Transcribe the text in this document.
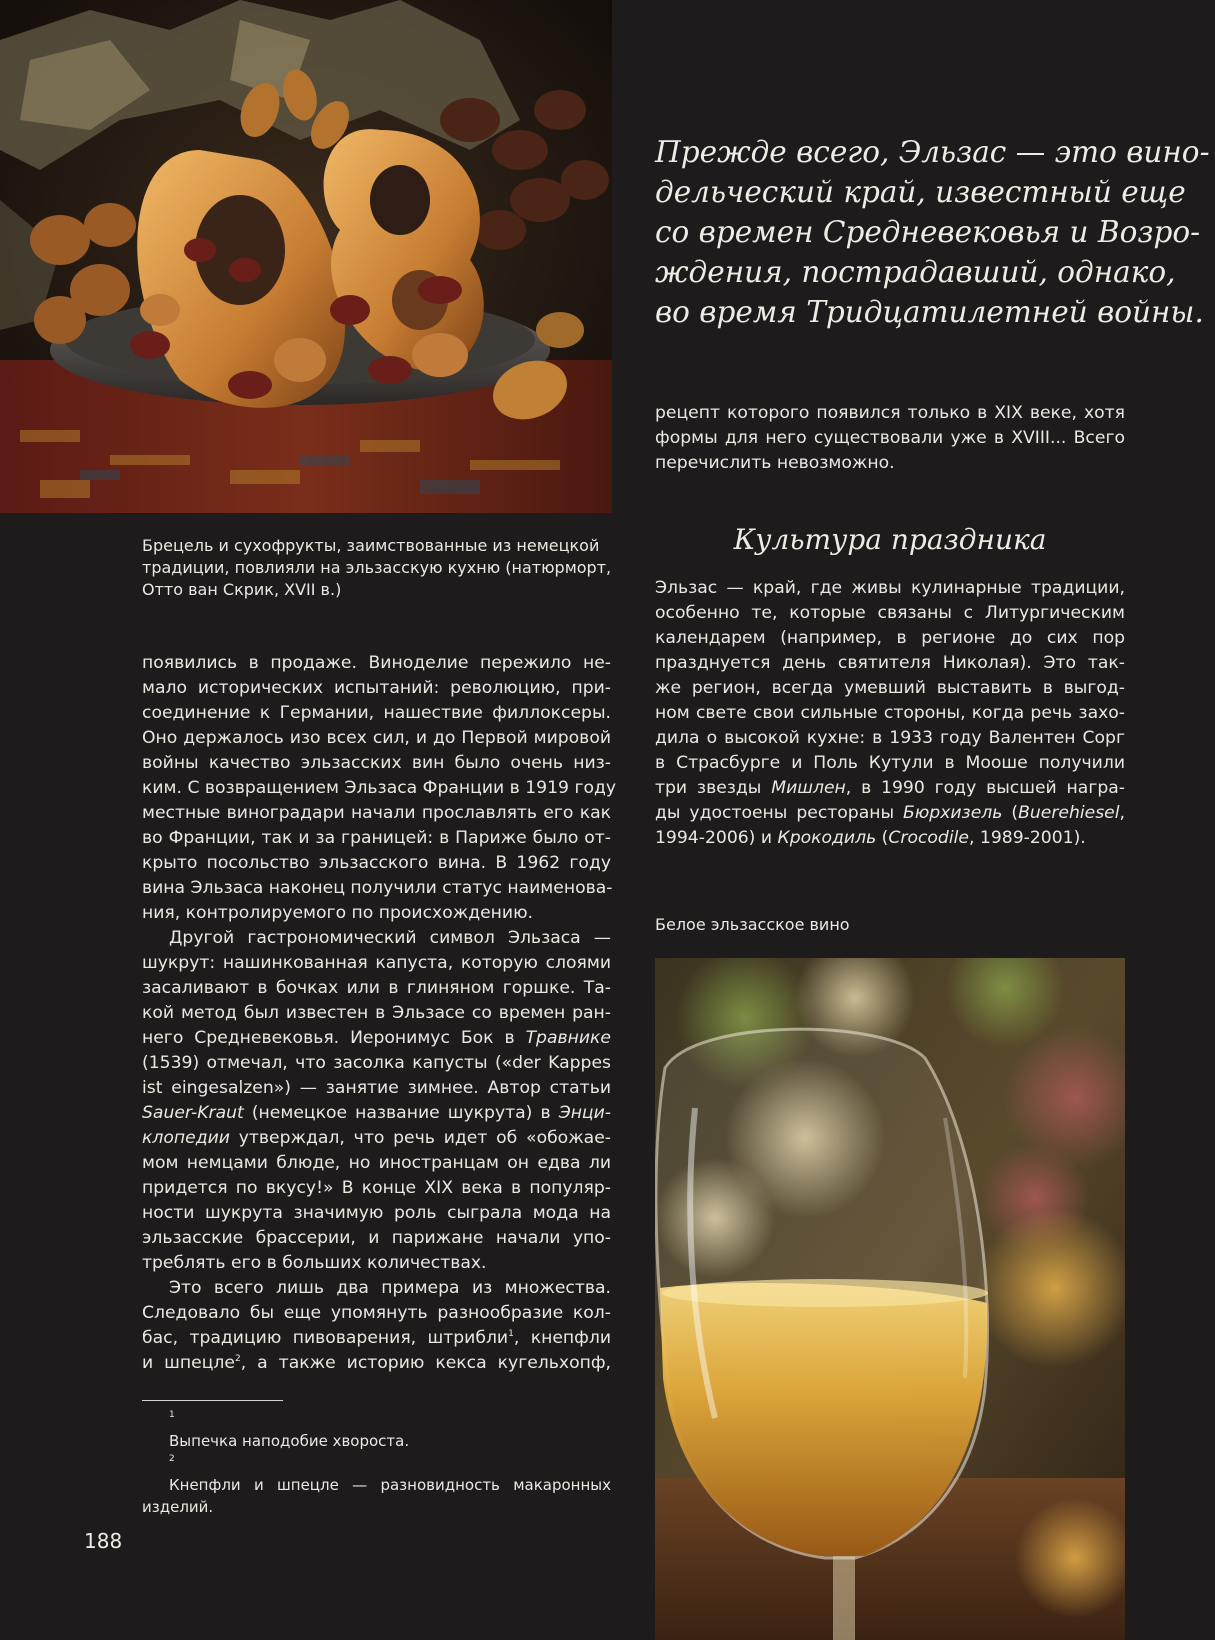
Прежде всего, Эльзас — это вино-
дельческий край, известный еще
со времен Средневековья и Возро-
ждения, пострадавший, однако,
во время Тридцатилетней войны.
рецепт которого появился только в XIX веке, хотя
формы для него существовали уже в XVIII... Всего
перечислить невозможно.
Брецель и сухофрукты, заимствованные из немецкой
традиции, повлияли на эльзасскую кухню (натюрморт,
Отто ван Скрик, XVII в.)
Культура праздника
Эльзас — край, где живы кулинарные традиции,
особенно те, которые связаны с Литургическим
календарем (например, в регионе до сих пор
празднуется день святителя Николая). Это так-
же регион, всегда умевший выставить в выгод-
ном свете свои сильные стороны, когда речь захо-
дила о высокой кухне: в 1933 году Валентен Сорг
в Страсбурге и Поль Кутули в Мооше получили
три звезды Мишлен, в 1990 году высшей награ-
ды удостоены рестораны Бюрхизель (Buerehiesel,
1994-2006) и Крокодиль (Crocodile, 1989-2001).
появились в продаже. Виноделие пережило не-
мало исторических испытаний: революцию, при-
соединение к Германии, нашествие филлоксеры.
Оно держалось изо всех сил, и до Первой мировой
войны качество эльзасских вин было очень низ-
ким. С возвращением Эльзаса Франции в 1919 году
местные виноградари начали прославлять его как
во Франции, так и за границей: в Париже было от-
крыто посольство эльзасского вина. В 1962 году
вина Эльзаса наконец получили статус наименова-
ния, контролируемого по происхождению.
Другой гастрономический символ Эльзаса —
шукрут: нашинкованная капуста, которую слоями
засаливают в бочках или в глиняном горшке. Та-
кой метод был известен в Эльзасе со времен ран-
него Средневековья. Иеронимус Бок в Травнике
(1539) отмечал, что засолка капусты («der Kappes
ist eingesalzen») — занятие зимнее. Автор статьи
Sauer-Kraut (немецкое название шукрута) в Энци-
клопедии утверждал, что речь идет об «обожае-
мом немцами блюде, но иностранцам он едва ли
придется по вкусу!» В конце XIX века в популяр-
ности шукрута значимую роль сыграла мода на
эльзасские брассерии, и парижане начали упо-
треблять его в больших количествах.
Это всего лишь два примера из множества.
Следовало бы еще упомянуть разнообразие кол-
бас, традицию пивоварения, штрибли$^1$, кнепфли
и шпецле$^2$, а также историю кекса кугельхопф,
$^1$
Выпечка наподобие хвороста.
$^2$
Кнепфли и шпецле — разновидность макаронных
изделий.
188
Белое эльзасское вино
